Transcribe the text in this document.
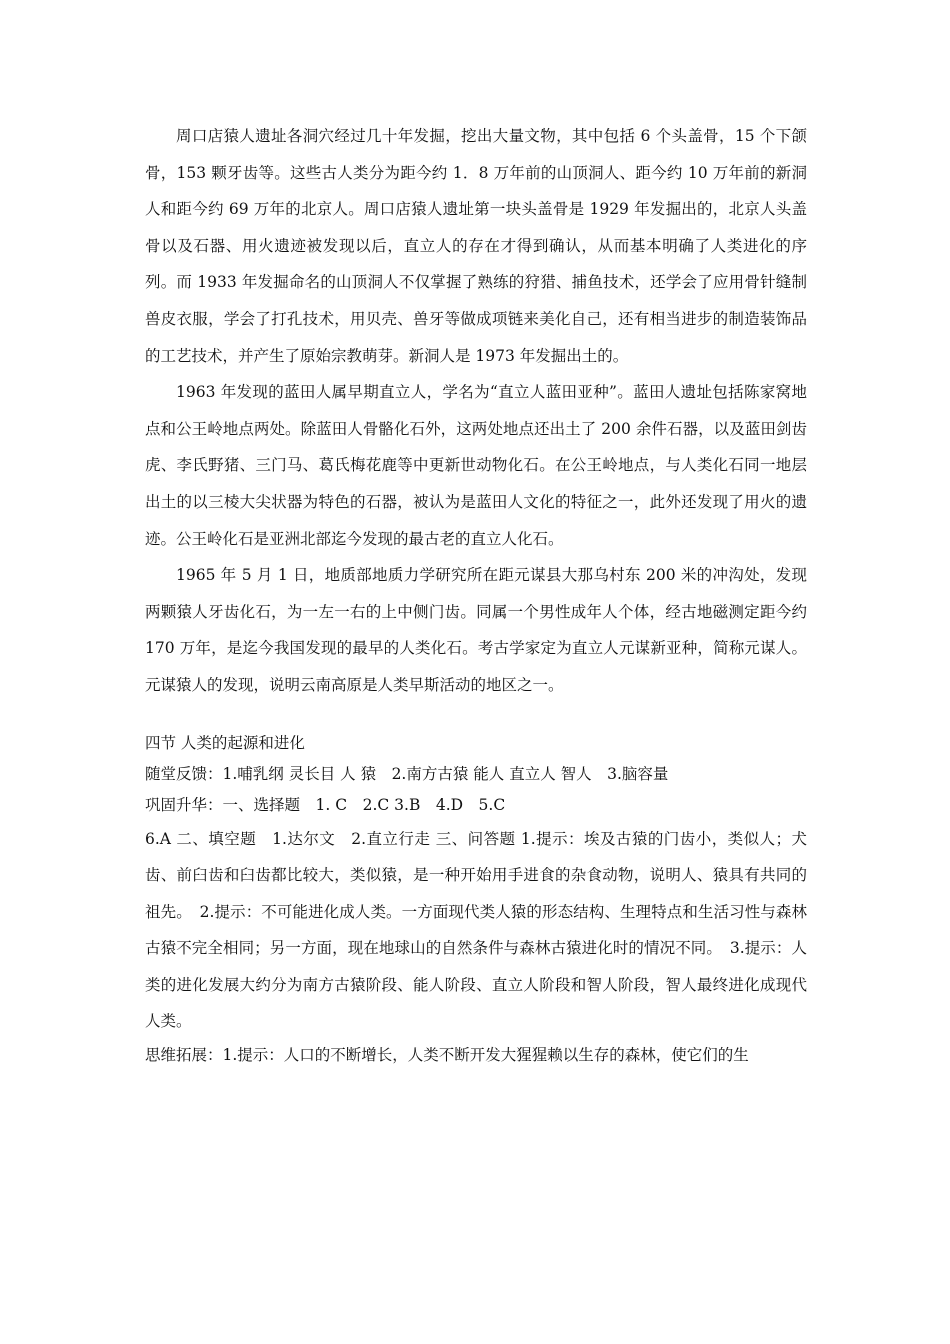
周口店猿人遗址各洞穴经过几十年发掘，挖出大量文物，其中包括 6 个头盖骨，15 个下颌骨，153 颗牙齿等。这些古人类分为距今约 1．8 万年前的山顶洞人、距今约 10 万年前的新洞人和距今约 69 万年的北京人。周口店猿人遗址第一块头盖骨是 1929 年发掘出的，北京人头盖骨以及石器、用火遗迹被发现以后，直立人的存在才得到确认，从而基本明确了人类进化的序列。而 1933 年发掘命名的山顶洞人不仅掌握了熟练的狩猎、捕鱼技术，还学会了应用骨针缝制兽皮衣服，学会了打孔技术，用贝壳、兽牙等做成项链来美化自己，还有相当进步的制造装饰品的工艺技术，并产生了原始宗教萌芽。新洞人是 1973 年发掘出土的。

1963 年发现的蓝田人属早期直立人，学名为“直立人蓝田亚种”。蓝田人遗址包括陈家窝地点和公王岭地点两处。除蓝田人骨骼化石外，这两处地点还出土了 200 余件石器，以及蓝田剑齿虎、李氏野猪、三门马、葛氏梅花鹿等中更新世动物化石。在公王岭地点，与人类化石同一地层出土的以三棱大尖状器为特色的石器，被认为是蓝田人文化的特征之一，此外还发现了用火的遗迹。公王岭化石是亚洲北部迄今发现的最古老的直立人化石。

1965 年 5 月 1 日，地质部地质力学研究所在距元谋县大那乌村东 200 米的冲沟处，发现两颗猿人牙齿化石，为一左一右的上中侧门齿。同属一个男性成年人个体，经古地磁测定距今约 170 万年，是迄今我国发现的最早的人类化石。考古学家定为直立人元谋新亚种，简称元谋人。元谋猿人的发现，说明云南高原是人类早斯活动的地区之一。

四节 人类的起源和进化

随堂反馈：1.哺乳纲 灵长目 人 猿　2.南方古猿 能人 直立人 智人　3.脑容量

巩固升华：一、选择题　1. C　2.C 3.B　4.D　5.C

6.A 二、填空题　1.达尔文　2.直立行走 三、问答题 1.提示：埃及古猿的门齿小，类似人；犬齿、前臼齿和臼齿都比较大，类似猿，是一种开始用手进食的杂食动物，说明人、猿具有共同的祖先。　2.提示：不可能进化成人类。一方面现代类人猿的形态结构、生理特点和生活习性与森林古猿不完全相同；另一方面，现在地球山的自然条件与森林古猿进化时的情况不同。　3.提示：人类的进化发展大约分为南方古猿阶段、能人阶段、直立人阶段和智人阶段，智人最终进化成现代人类。

思维拓展：1.提示：人口的不断增长，人类不断开发大猩猩赖以生存的森林，使它们的生
